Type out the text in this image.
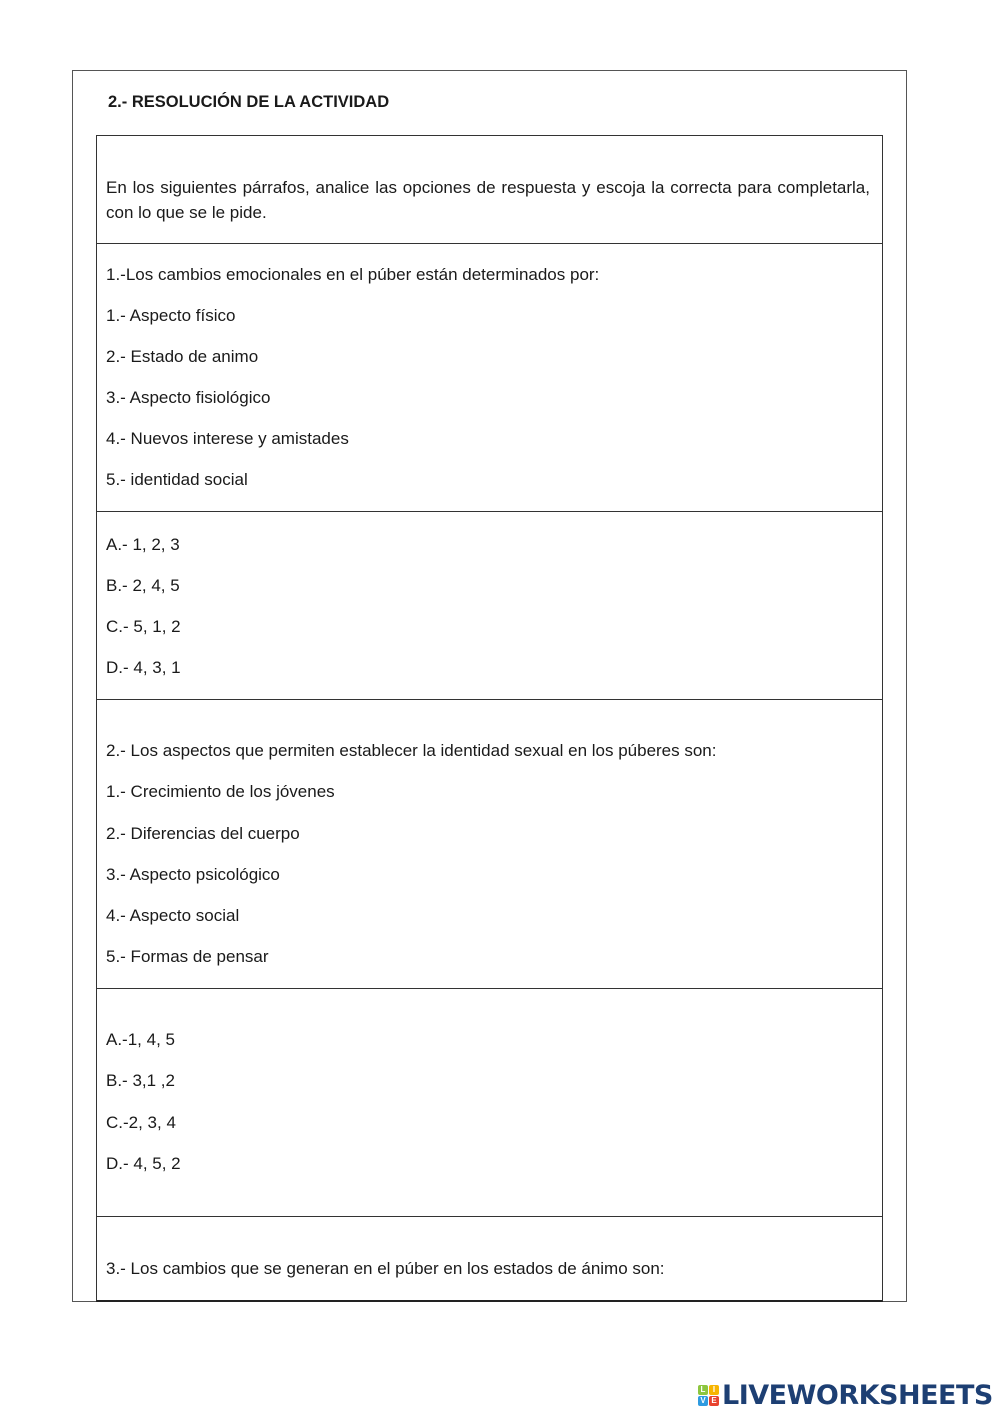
2.- RESOLUCIÓN DE LA ACTIVIDAD
En los siguientes párrafos, analice las opciones de respuesta y escoja la correcta para completarla, con lo que se le pide.
1.-Los cambios emocionales en el púber están determinados por:
1.- Aspecto físico
2.- Estado de animo
3.- Aspecto fisiológico
4.- Nuevos interese y amistades
5.- identidad social
A.- 1, 2, 3
B.- 2, 4, 5
C.- 5, 1, 2
D.- 4, 3, 1
2.- Los aspectos que permiten establecer la identidad sexual en los púberes son:
1.- Crecimiento de los jóvenes
2.- Diferencias del cuerpo
3.- Aspecto psicológico
4.- Aspecto social
5.- Formas de pensar
A.-1, 4, 5
B.- 3,1 ,2
C.-2, 3, 4
D.- 4, 5, 2
3.- Los cambios que se generan en el púber en los estados de ánimo son:
L I
V E LIVEWORKSHEETS
